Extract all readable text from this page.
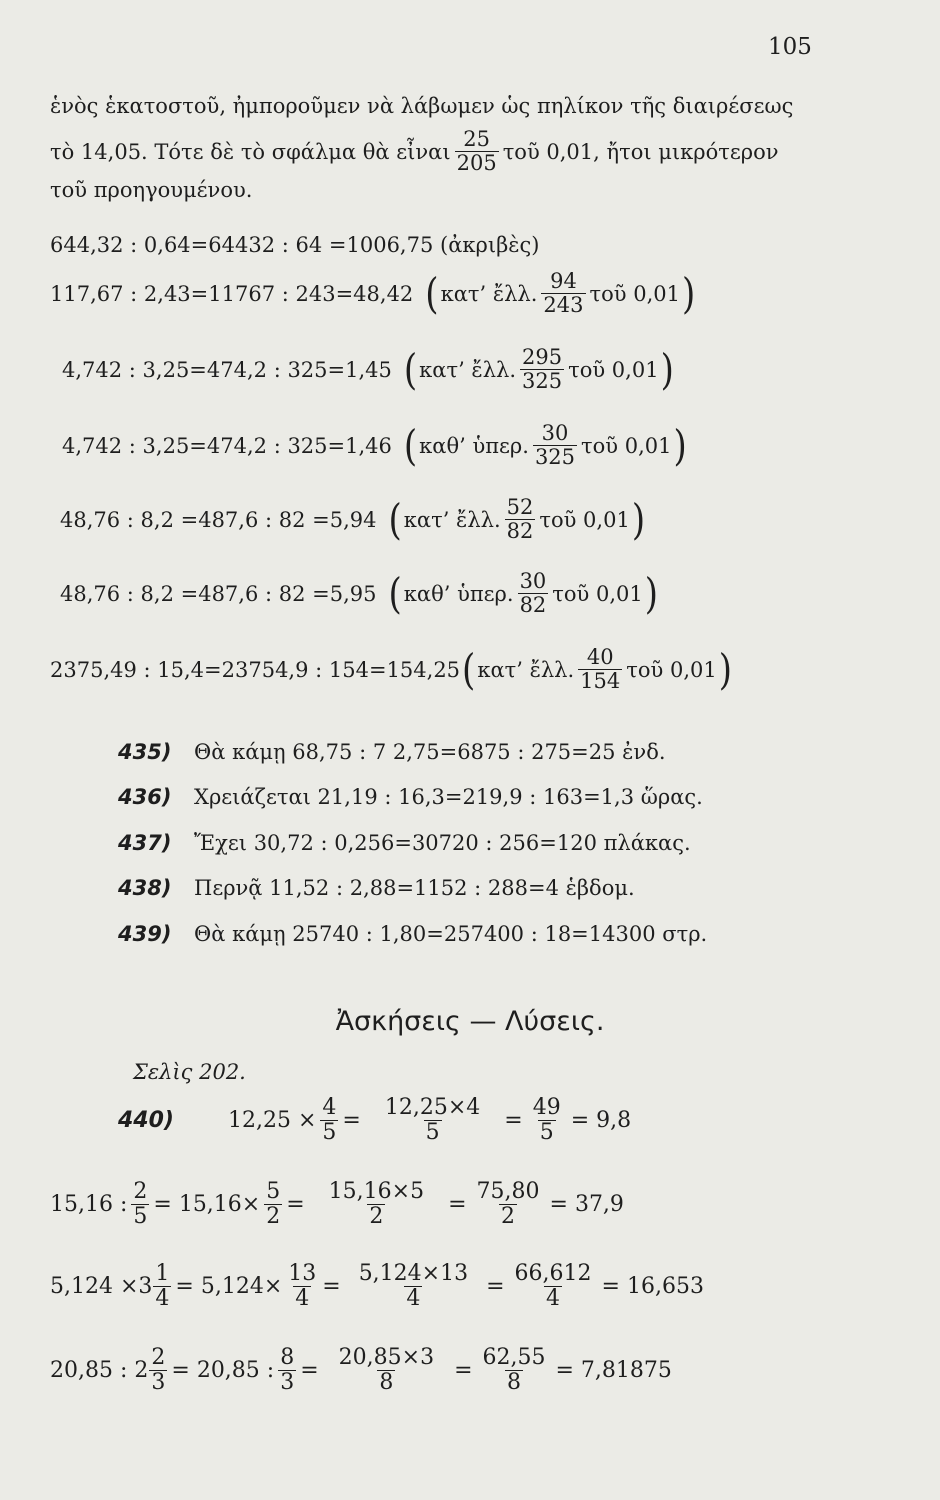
105
ἑνὸς ἑκατοστοῦ, ἠμποροῦμεν νὰ λάβωμεν ὡς πηλίκον τῆς διαιρέσεως
τὸ 14,05. Τότε δὲ τὸ σφάλμα θὰ εἶναι $\frac{25}{205}$ τοῦ 0,01, ἤτοι μικρότερον
τοῦ προηγουμένου.
644,32 : 0,64=64432 : 64 =1006,75 (ἀκριβὲς)
117,67 : 2,43=11767 : 243=48,42 ( κατ’ ἔλλ. $\frac{94}{243}$ τοῦ 0,01 )
4,742 : 3,25=474,2 : 325=1,45 ( κατ’ ἔλλ. $\frac{295}{325}$ τοῦ 0,01 )
4,742 : 3,25=474,2 : 325=1,46 ( καθ’ ὑπερ. $\frac{30}{325}$ τοῦ 0,01 )
48,76 : 8,2 =487,6 : 82 =5,94 ( κατ’ ἔλλ. $\frac{52}{82}$ τοῦ 0,01 )
48,76 : 8,2 =487,6 : 82 =5,95 ( καθ’ ὑπερ. $\frac{30}{82}$ τοῦ 0,01 )
2375,49 : 15,4=23754,9 : 154=154,25 ( κατ’ ἔλλ. $\frac{40}{154}$ τοῦ 0,01 )
435) Θὰ κάμῃ 68,75 : 7 2,75=6875 : 275=25 ἐνδ.
436) Χρειάζεται 21,19 : 16,3=219,9 : 163=1,3 ὥρας.
437) Ἔχει 30,72 : 0,256=30720 : 256=120 πλάκας.
438) Περνᾷ 11,52 : 2,88=1152 : 288=4 ἑβδομ.
439) Θὰ κάμῃ 25740 : 1,80=257400 : 18=14300 στρ.
Ἀσκήσεις — Λύσεις.
Σελὶς 202.
440)	$12,25 \times \frac{4}{5} = \frac{12,25\times 4}{5} = \frac{49}{5} = 9,8$
15,16 : $\frac{2}{5} = 15,16\times \frac{5}{2} = \frac{15,16\times 5}{2} = \frac{75,80}{2} = 37,9$
$5,124 \times 3 \frac{1}{4} = 5,124\times \frac{13}{4} = \frac{5,124\times 13}{4} = \frac{66,612}{4} = 16,653$
20,85 : $2 \frac{2}{3} = 20,85$ : $\frac{8}{3} = \frac{20,85\times 3}{8} = \frac{62,55}{8} = 7,81875$
